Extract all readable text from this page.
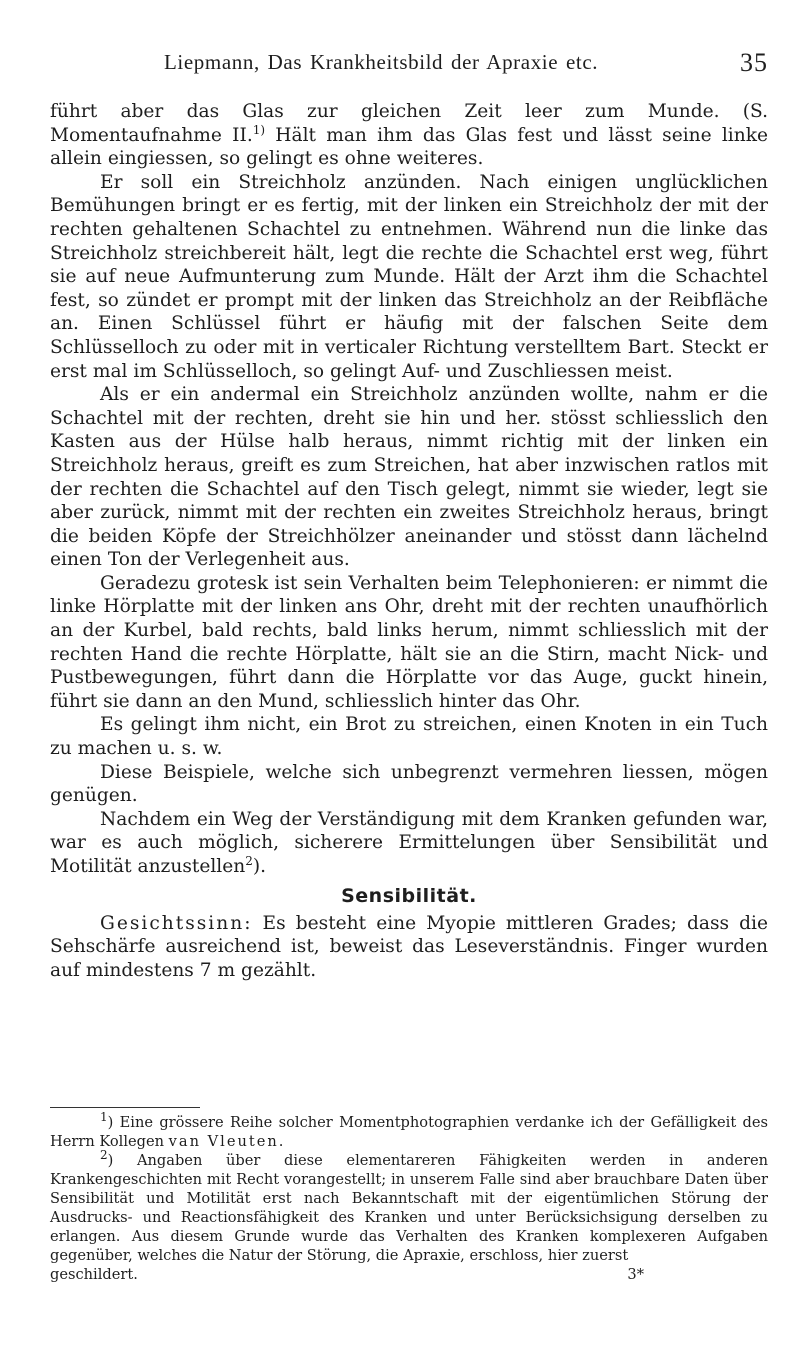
Liepmann, Das Krankheitsbild der Apraxie etc.	35

führt aber das Glas zur gleichen Zeit leer zum Munde. (S. Momentaufnahme II.$^{1)}$ Hält man ihm das Glas fest und lässt seine linke allein eingiessen, so gelingt es ohne weiteres.

Er soll ein Streichholz anzünden. Nach einigen unglücklichen Bemühungen bringt er es fertig, mit der linken ein Streichholz der mit der rechten gehaltenen Schachtel zu entnehmen. Während nun die linke das Streichholz streichbereit hält, legt die rechte die Schachtel erst weg, führt sie auf neue Aufmunterung zum Munde. Hält der Arzt ihm die Schachtel fest, so zündet er prompt mit der linken das Streichholz an der Reibfläche an. Einen Schlüssel führt er häufig mit der falschen Seite dem Schlüsselloch zu oder mit in verticaler Richtung verstelltem Bart. Steckt er erst mal im Schlüsselloch, so gelingt Auf- und Zuschliessen meist.

Als er ein andermal ein Streichholz anzünden wollte, nahm er die Schachtel mit der rechten, dreht sie hin und her. stösst schliesslich den Kasten aus der Hülse halb heraus, nimmt richtig mit der linken ein Streichholz heraus, greift es zum Streichen, hat aber inzwischen ratlos mit der rechten die Schachtel auf den Tisch gelegt, nimmt sie wieder, legt sie aber zurück, nimmt mit der rechten ein zweites Streichholz heraus, bringt die beiden Köpfe der Streichhölzer aneinander und stösst dann lächelnd einen Ton der Verlegenheit aus.

Geradezu grotesk ist sein Verhalten beim Telephonieren: er nimmt die linke Hörplatte mit der linken ans Ohr, dreht mit der rechten unaufhörlich an der Kurbel, bald rechts, bald links herum, nimmt schliesslich mit der rechten Hand die rechte Hörplatte, hält sie an die Stirn, macht Nick- und Pustbewegungen, führt dann die Hörplatte vor das Auge, guckt hinein, führt sie dann an den Mund, schliesslich hinter das Ohr.

Es gelingt ihm nicht, ein Brot zu streichen, einen Knoten in ein Tuch zu machen u. s. w.

Diese Beispiele, welche sich unbegrenzt vermehren liessen, mögen genügen.

Nachdem ein Weg der Verständigung mit dem Kranken gefunden war, war es auch möglich, sicherere Ermittelungen über Sensibilität und Motilität anzustellen$^2$).

Sensibilität.

Gesichtssinn: Es besteht eine Myopie mittleren Grades; dass die Sehschärfe ausreichend ist, beweist das Leseverständnis. Finger wurden auf mindestens 7 m gezählt.

$^1$) Eine grössere Reihe solcher Momentphotographien verdanke ich der Gefälligkeit des Herrn Kollegen van Vleuten.

$^2$) Angaben über diese elementareren Fähigkeiten werden in anderen Krankengeschichten mit Recht vorangestellt; in unserem Falle sind aber brauchbare Daten über Sensibilität und Motilität erst nach Bekanntschaft mit der eigentümlichen Störung der Ausdrucks- und Reactionsfähigkeit des Kranken und unter Berücksichsigung derselben zu erlangen. Aus diesem Grunde wurde das Verhalten des Kranken komplexeren Aufgaben gegenüber, welches die Natur der Störung, die Apraxie, erschloss, hier zuerst

geschildert.	3*
